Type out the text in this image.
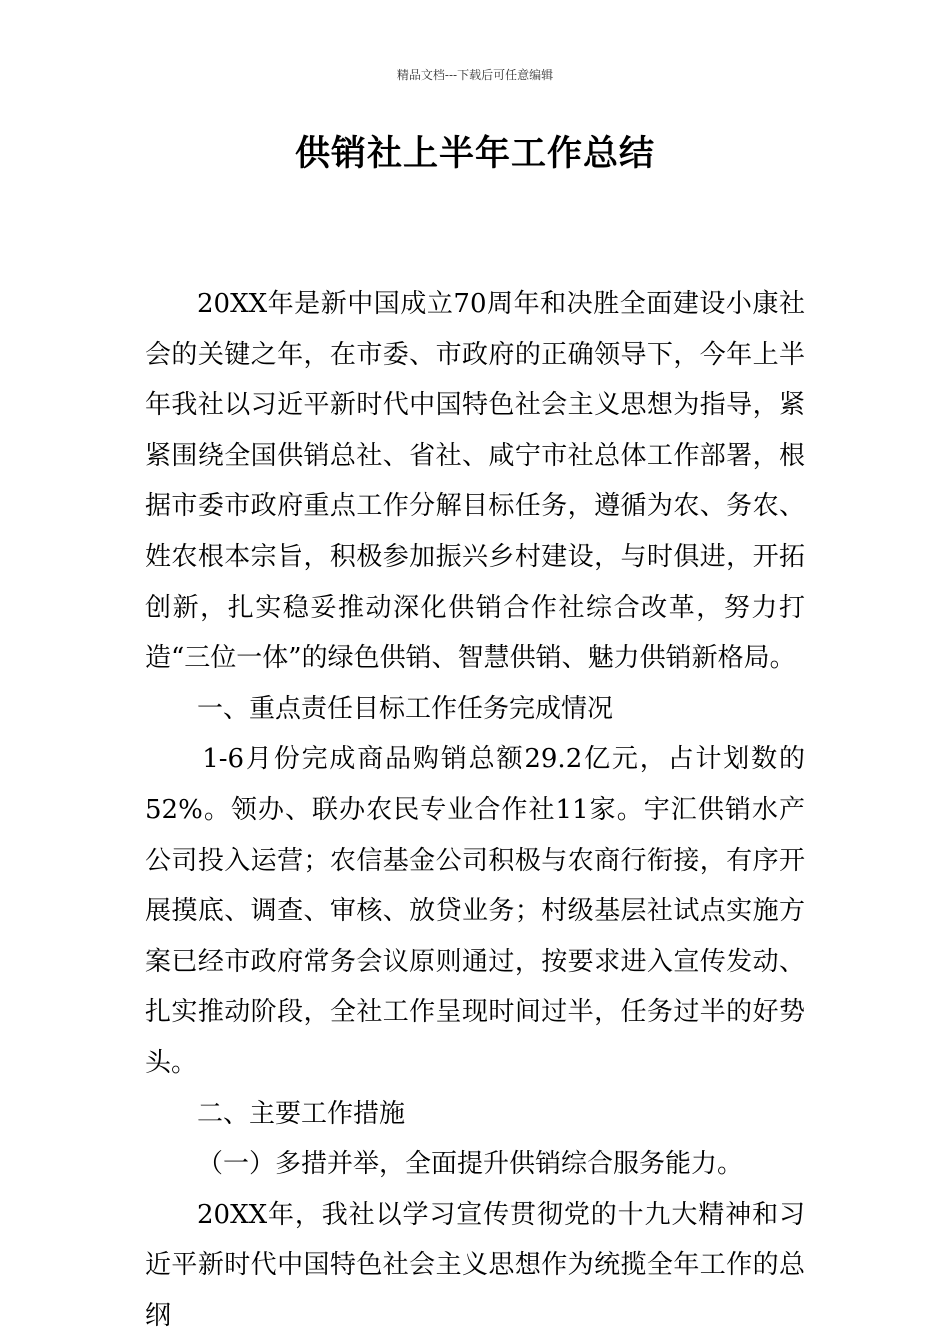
精品文档---下载后可任意编辑
供销社上半年工作总结

20XX年是新中国成立70周年和决胜全面建设小康社会的关键之年，在市委、市政府的正确领导下，今年上半年我社以习近平新时代中国特色社会主义思想为指导，紧紧围绕全国供销总社、省社、咸宁市社总体工作部署，根据市委市政府重点工作分解目标任务，遵循为农、务农、姓农根本宗旨，积极参加振兴乡村建设，与时俱进，开拓创新，扎实稳妥推动深化供销合作社综合改革，努力打造“三位一体”的绿色供销、智慧供销、魅力供销新格局。

一、重点责任目标工作任务完成情况

1-6月份完成商品购销总额29.2亿元，占计划数的52%。领办、联办农民专业合作社11家。宇汇供销水产公司投入运营；农信基金公司积极与农商行衔接，有序开展摸底、调查、审核、放贷业务；村级基层社试点实施方案已经市政府常务会议原则通过，按要求进入宣传发动、扎实推动阶段，全社工作呈现时间过半，任务过半的好势头。

二、主要工作措施

（一）多措并举，全面提升供销综合服务能力。

20XX年，我社以学习宣传贯彻党的十九大精神和习近平新时代中国特色社会主义思想作为统揽全年工作的总纲
